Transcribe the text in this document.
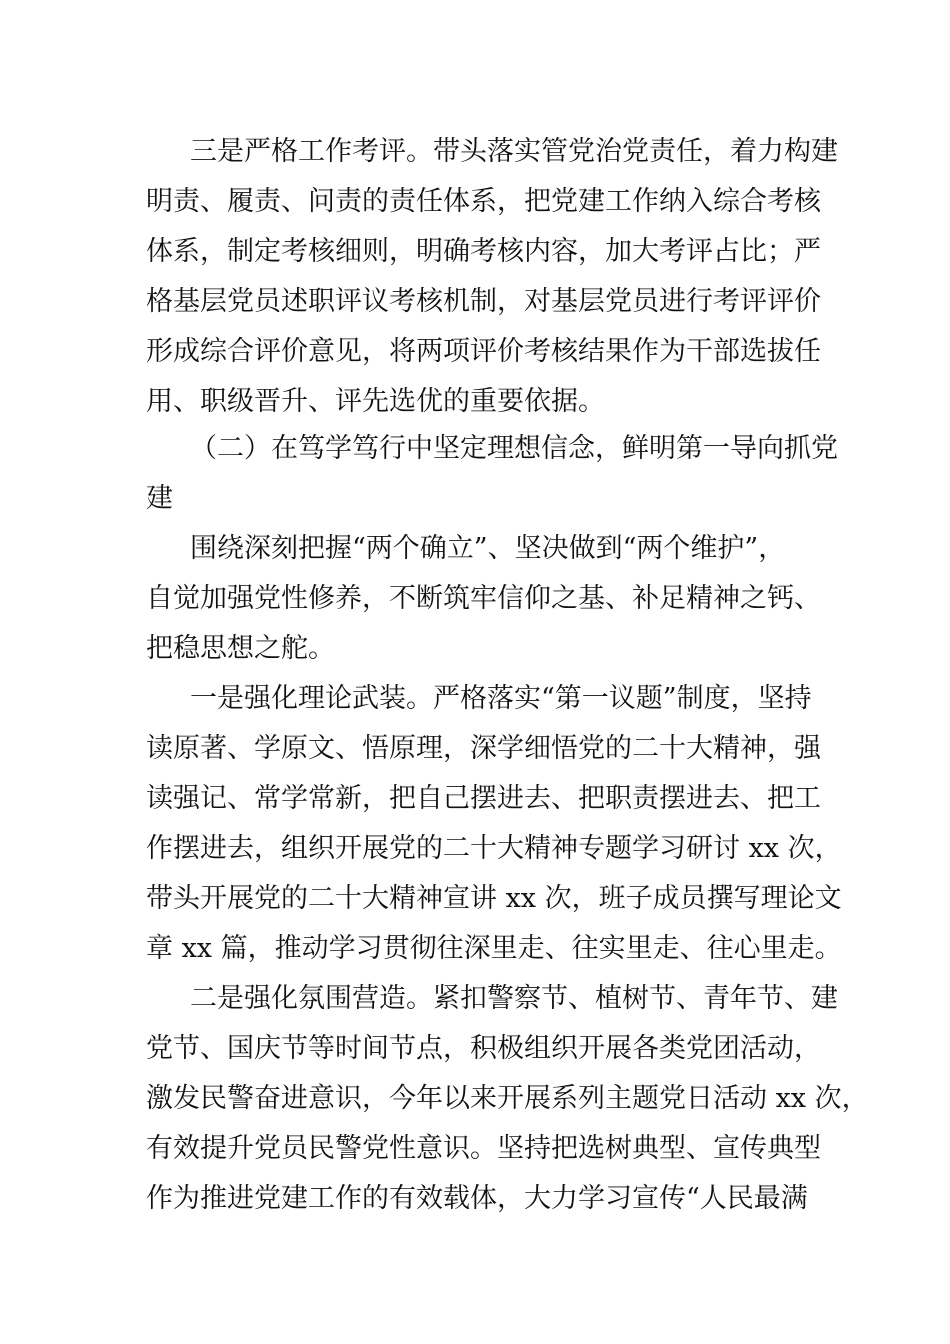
三是严格工作考评。带头落实管党治党责任，着力构建

明责、履责、问责的责任体系，把党建工作纳入综合考核

体系，制定考核细则，明确考核内容，加大考评占比；严

格基层党员述职评议考核机制，对基层党员进行考评评价

形成综合评价意见，将两项评价考核结果作为干部选拔任

用、职级晋升、评先选优的重要依据。

（二）在笃学笃行中坚定理想信念，鲜明第一导向抓党

建

围绕深刻把握“两个确立”、坚决做到“两个维护”，

自觉加强党性修养，不断筑牢信仰之基、补足精神之钙、

把稳思想之舵。

一是强化理论武装。严格落实“第一议题”制度，坚持

读原著、学原文、悟原理，深学细悟党的二十大精神，强

读强记、常学常新，把自己摆进去、把职责摆进去、把工

作摆进去，组织开展党的二十大精神专题学习研讨 xx 次，

带头开展党的二十大精神宣讲 xx 次，班子成员撰写理论文

章 xx 篇，推动学习贯彻往深里走、往实里走、往心里走。

二是强化氛围营造。紧扣警察节、植树节、青年节、建

党节、国庆节等时间节点，积极组织开展各类党团活动，

激发民警奋进意识，今年以来开展系列主题党日活动 xx 次，

有效提升党员民警党性意识。坚持把选树典型、宣传典型

作为推进党建工作的有效载体，大力学习宣传“人民最满
